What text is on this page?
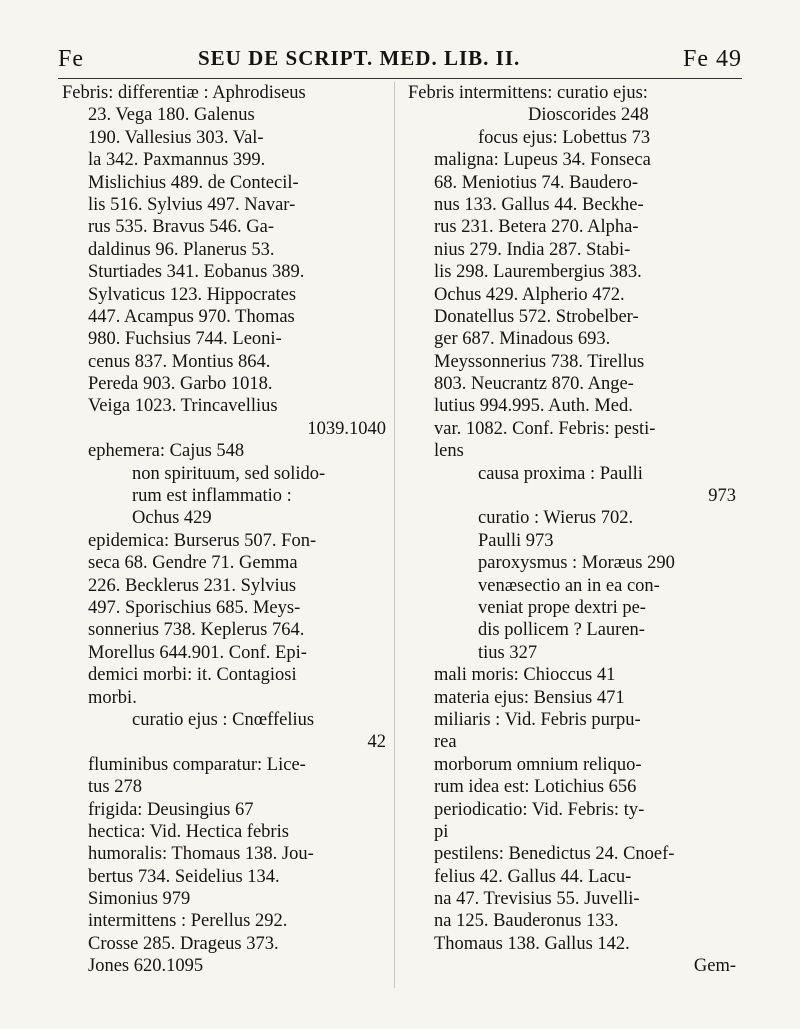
Fe	SEU DE SCRIPT. MED. LIB. II.	Fe 49
Febris: differentiæ : Aphrodiseus
23. Vega 180. Galenus
190. Vallesius 303. Val-
la 342. Paxmannus 399.
Mislichius 489. de Contecil-
lis 516. Sylvius 497. Navar-
rus 535. Bravus 546. Ga-
daldinus 96. Planerus 53.
Sturtiades 341. Eobanus 389.
Sylvaticus 123. Hippocrates
447. Acampus 970. Thomas
980. Fuchsius 744. Leoni-
cenus 837. Montius 864.
Pereda 903. Garbo 1018.
Veiga 1023. Trincavellius
1039.1040
ephemera: Cajus 548
non spirituum, sed solido-
rum est inflammatio :
Ochus 429
epidemica: Burserus 507. Fon-
seca 68. Gendre 71. Gemma
226. Becklerus 231. Sylvius
497. Sporischius 685. Meys-
sonnerius 738. Keplerus 764.
Morellus 644.901. Conf. Epi-
demici morbi: it. Contagiosi
morbi.
curatio ejus : Cnœffelius
42
fluminibus comparatur: Lice-
tus 278
frigida: Deusingius 67
hectica: Vid. Hectica febris
humoralis: Thomaus 138. Jou-
bertus 734. Seidelius 134.
Simonius 979
intermittens : Perellus 292.
Crosse 285. Drageus 373.
Jones 620.1095
Febris intermittens: curatio ejus:
Dioscorides 248
focus ejus: Lobettus 73
maligna: Lupeus 34. Fonseca
68. Meniotius 74. Baudero-
nus 133. Gallus 44. Beckhe-
rus 231. Betera 270. Alpha-
nius 279. India 287. Stabi-
lis 298. Laurembergius 383.
Ochus 429. Alpherio 472.
Donatellus 572. Strobelber-
ger 687. Minadous 693.
Meyssonnerius 738. Tirellus
803. Neucrantz 870. Ange-
lutius 994.995. Auth. Med.
var. 1082. Conf. Febris: pesti-
lens
causa proxima : Paulli
973
curatio : Wierus 702.
Paulli 973
paroxysmus : Moræus 290
venæsectio an in ea con-
veniat prope dextri pe-
dis pollicem ? Lauren-
tius 327
mali moris: Chioccus 41
materia ejus: Bensius 471
miliaris : Vid. Febris purpu-
rea
morborum omnium reliquo-
rum idea est: Lotichius 656
periodicatio: Vid. Febris: ty-
pi
pestilens: Benedictus 24. Cnoef-
felius 42. Gallus 44. Lacu-
na 47. Trevisius 55. Juvelli-
na 125. Bauderonus 133.
Thomaus 138. Gallus 142.
Gem-
